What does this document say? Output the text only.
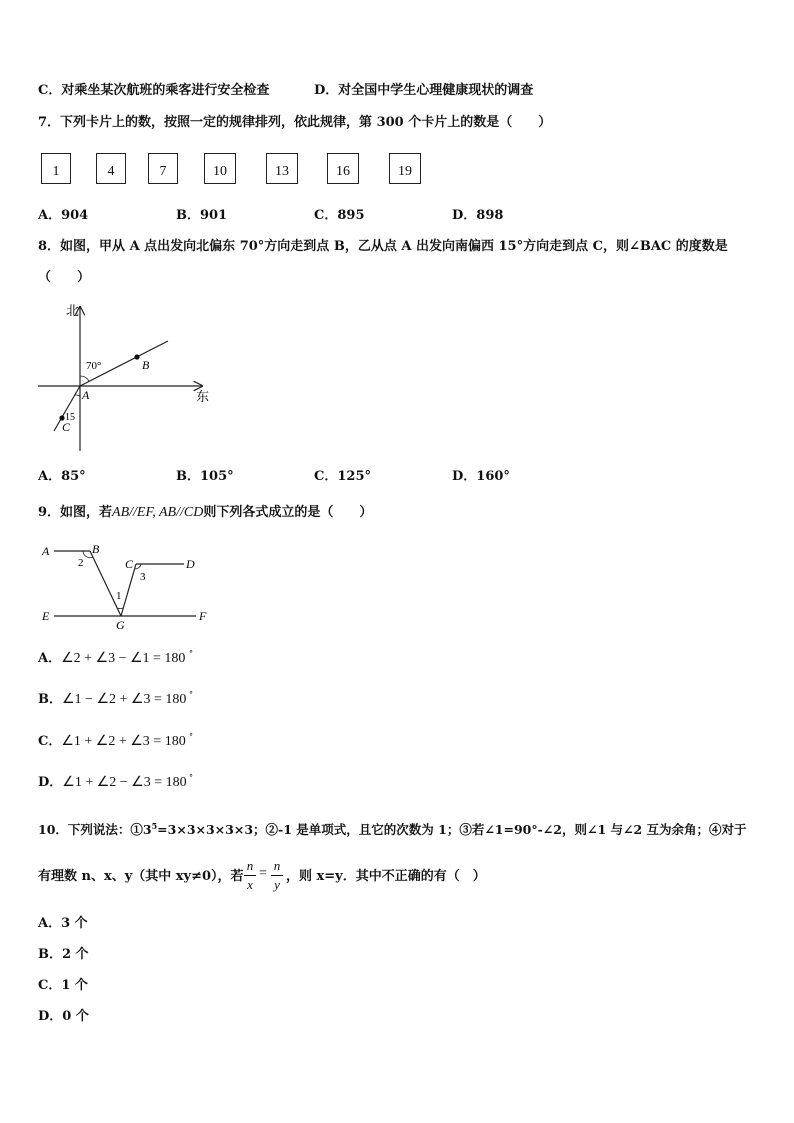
C．对乘坐某次航班的乘客进行安全检查	D．对全国中学生心理健康现状的调查
7．下列卡片上的数，按照一定的规律排列，依此规律，第 300 个卡片上的数是（　　）
1	4	7	10	13	16	19
A．904	B．901	C．895	D．898
8．如图，甲从 A 点出发向北偏东 70°方向走到点 B，乙从点 A 出发向南偏西 15°方向走到点 C，则∠BAC 的度数是
（　　）
北
东
70°
15
A
B
C
A．85°	B．105°	C．125°	D．160°
9．如图，若AB//EF, AB//CD则下列各式成立的是（　　）
A	B
C	D
E	F
G
1
2
3
A．∠2 + ∠3 − ∠1 = 180 °
B．∠1 − ∠2 + ∠3 = 180 °
C．∠1 + ∠2 + ∠3 = 180 °
D．∠1 + ∠2 − ∠3 = 180 °
10．下列说法：$①3^5=3\times 3\times 3\times 3\times 3$；②-1 是单项式，且它的次数为 1；③若∠1=90°-∠2，则∠1 与∠2 互为余角；④对于
有理数 n、x、y（其中 xy≠0），若
n
x
=
n
y
，则 x=y．其中不正确的有（　）
A．3 个
B．2 个
C．1 个
D．0 个
